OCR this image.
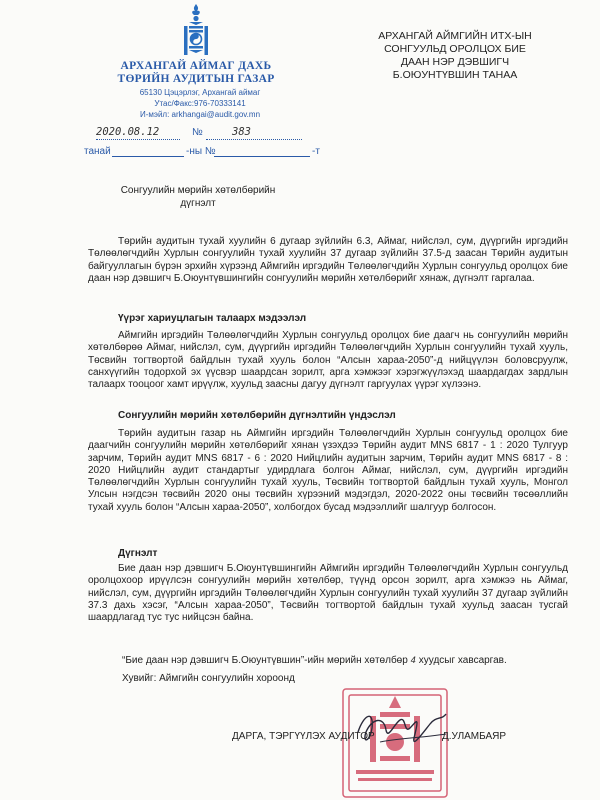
АРХАНГАЙ АЙМАГ ДАХЬ
ТӨРИЙН АУДИТЫН ГАЗАР
65130 Цэцэрлэг, Архангай аймаг
Утас/Факс:976-70333141
И-мэйл: arkhangai@audit.gov.mn
АРХАНГАЙ АЙМГИЙН ИТХ-ЫН
СОНГУУЛЬД ОРОЛЦОХ БИЕ
ДААН НЭР ДЭВШИГЧ
Б.ОЮУНТҮВШИН ТАНАА
2020.08.12	№	383
танай	-ны №	-т
Сонгуулийн мөрийн хөтөлбөрийн
дүгнэлт
Төрийн аудитын тухай хуулийн 6 дугаар зүйлийн 6.3, Аймаг, нийслэл, сум, дүүргийн иргэдийн Төлөөлөгчдийн Хурлын сонгуулийн тухай хуулийн 37 дугаар зүйлийн 37.5-д заасан Төрийн аудитын байгууллагын бүрэн эрхийн хүрээнд Аймгийн иргэдийн Төлөөлөгчдийн Хурлын сонгуульд оролцох бие даан нэр дэвшигч Б.Оюунтүвшингийн сонгуулийн мөрийн хөтөлбөрийг хянаж, дүгнэлт гаргалаа.
Үүрэг хариуцлагын талаарх мэдээлэл
Аймгийн иргэдийн Төлөөлөгчдийн Хурлын сонгуульд оролцох бие даагч нь сонгуулийн мөрийн хөтөлбөрөө Аймаг, нийслэл, сум, дүүргийн иргэдийн Төлөөлөгчдийн Хурлын сонгуулийн тухай хууль, Төсвийн тогтвортой байдлын тухай хууль болон “Алсын хараа-2050”-д нийцүүлэн боловсруулж, санхүүгийн тодорхой эх үүсвэр шаардсан зорилт, арга хэмжээг хэрэгжүүлэхэд шаардагдах зардлын талаарх тооцоог хамт ирүүлж, хуульд заасны дагуу дүгнэлт гаргуулах үүрэг хүлээнэ.
Сонгуулийн мөрийн хөтөлбөрийн дүгнэлтийн үндэслэл
Төрийн аудитын газар нь Аймгийн иргэдийн Төлөөлөгчдийн Хурлын сонгуульд оролцох бие даагчийн сонгуулийн мөрийн хөтөлбөрийг хянан үзэхдээ Төрийн аудит MNS 6817 - 1 : 2020 Тулгуур зарчим, Төрийн аудит MNS 6817 - 6 : 2020 Нийцлийн аудитын зарчим, Төрийн аудит MNS 6817 - 8 : 2020 Нийцлийн аудит стандартыг удирдлага болгон Аймаг, нийслэл, сум, дүүргийн иргэдийн Төлөөлөгчдийн Хурлын сонгуулийн тухай хууль, Төсвийн тогтвортой байдлын тухай хууль, Монгол Улсын нэгдсэн төсвийн 2020 оны төсвийн хүрээний мэдэгдэл, 2020-2022 оны төсвийн төсөөллийн тухай хууль болон “Алсын хараа-2050”, холбогдох бусад мэдээллийг шалгуур болгосон.
Дүгнэлт
Бие даан нэр дэвшигч Б.Оюунтүвшингийн Аймгийн иргэдийн Төлөөлөгчдийн Хурлын сонгуульд оролцохоор ирүүлсэн сонгуулийн мөрийн хөтөлбөр, түүнд орсон зорилт, арга хэмжээ нь Аймаг, нийслэл, сум, дүүргийн иргэдийн Төлөөлөгчдийн Хурлын сонгуулийн тухай хуулийн 37 дугаар зүйлийн 37.3 дахь хэсэг, “Алсын хараа-2050”, Төсвийн тогтвортой байдлын тухай хуульд заасан тусгай шаардлагад тус тус нийцсэн байна.
“Бие даан нэр дэвшигч Б.Оюунтүвшин”-ийн мөрийн хөтөлбөр 4 хуудсыг хавсаргав.
Хувийг: Аймгийн сонгуулийн хороонд
ДАРГА, ТЭРГҮҮЛЭХ АУДИТОР	Д.УЛАМБАЯР
